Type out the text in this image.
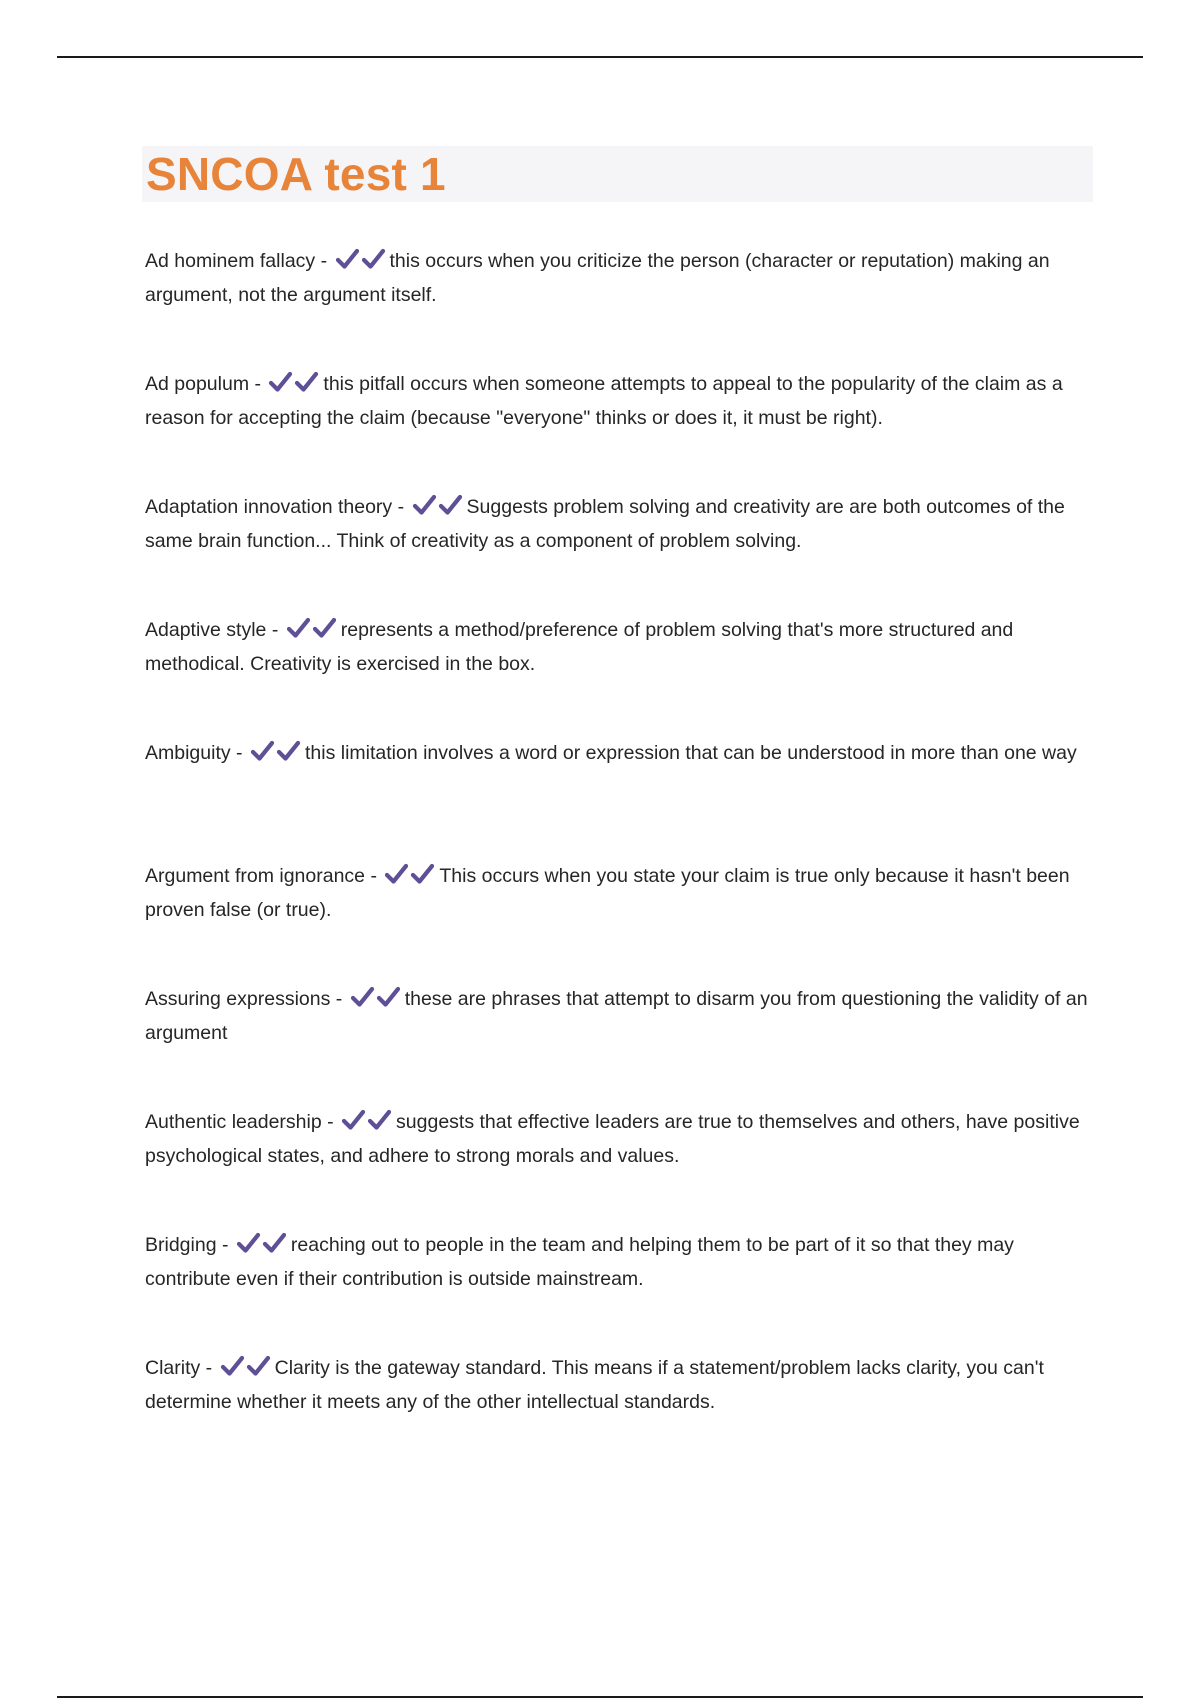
SNCOA test 1
Ad hominem fallacy -	this occurs when you criticize the person (character or reputation) making an argument, not the argument itself.
Ad populum -	this pitfall occurs when someone attempts to appeal to the popularity of the claim as a reason for accepting the claim (because "everyone" thinks or does it, it must be right).
Adaptation innovation theory -	Suggests problem solving and creativity are are both outcomes of the same brain function... Think of creativity as a component of problem solving.
Adaptive style -	represents a method/preference of problem solving that's more structured and methodical. Creativity is exercised in the box.
Ambiguity -	this limitation involves a word or expression that can be understood in more than one way
Argument from ignorance -	This occurs when you state your claim is true only because it hasn't been proven false (or true).
Assuring expressions -	these are phrases that attempt to disarm you from questioning the validity of an argument
Authentic leadership -	suggests that effective leaders are true to themselves and others, have positive psychological states, and adhere to strong morals and values.
Bridging -	reaching out to people in the team and helping them to be part of it so that they may contribute even if their contribution is outside mainstream.
Clarity -	Clarity is the gateway standard. This means if a statement/problem lacks clarity, you can't determine whether it meets any of the other intellectual standards.
